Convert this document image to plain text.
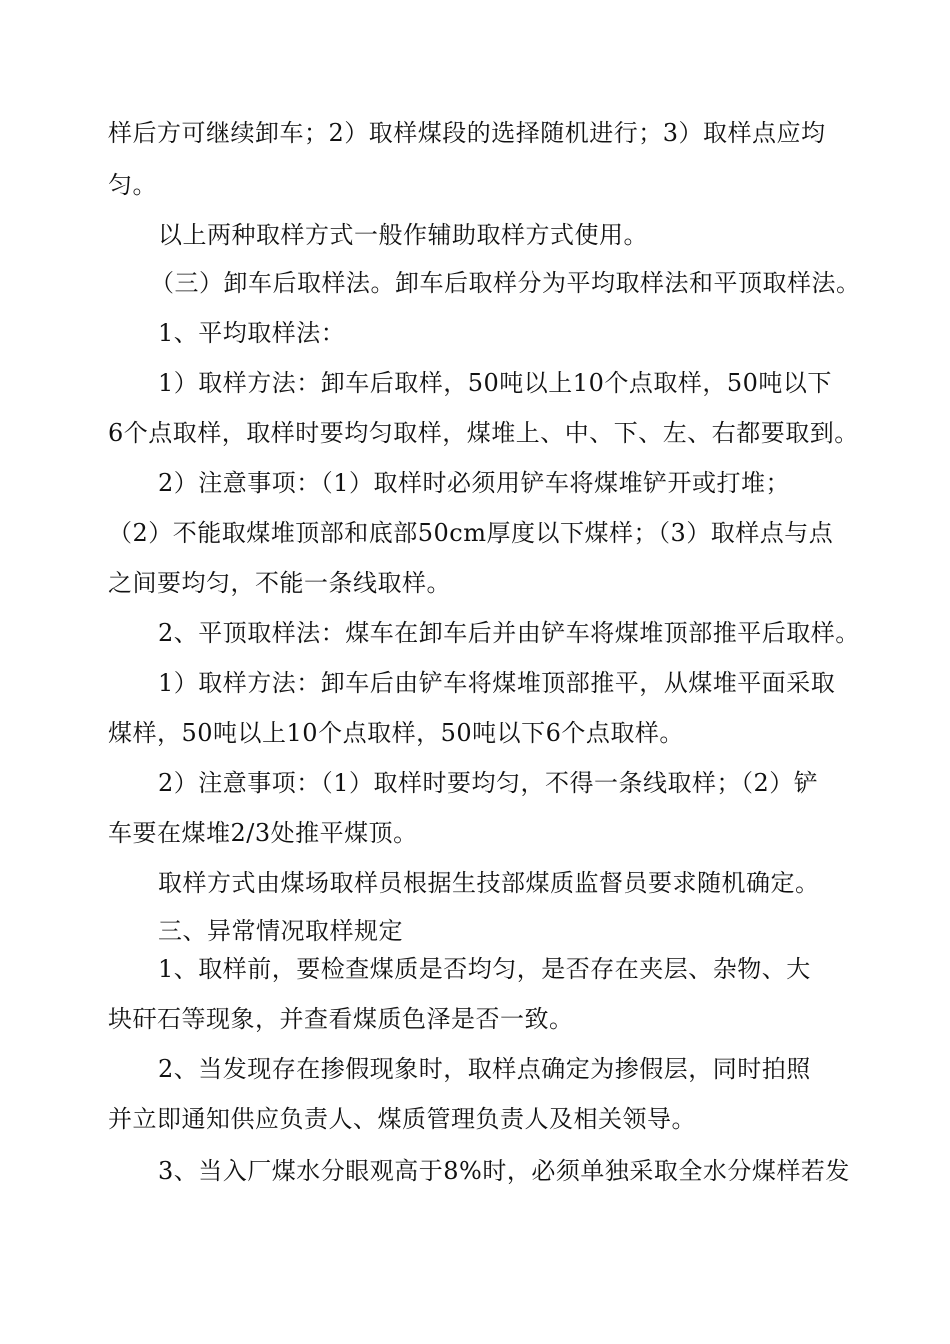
样后方可继续卸车；2）取样煤段的选择随机进行；3）取样点应均
匀。
以上两种取样方式一般作辅助取样方式使用。
（三）卸车后取样法。卸车后取样分为平均取样法和平顶取样法。
1、平均取样法：
1）取样方法：卸车后取样，50吨以上10个点取样，50吨以下
6个点取样，取样时要均匀取样，煤堆上、中、下、左、右都要取到。
2）注意事项：（1）取样时必须用铲车将煤堆铲开或打堆；
（2）不能取煤堆顶部和底部50cm厚度以下煤样；（3）取样点与点
之间要均匀，不能一条线取样。
2、平顶取样法：煤车在卸车后并由铲车将煤堆顶部推平后取样。
1）取样方法：卸车后由铲车将煤堆顶部推平，从煤堆平面采取
煤样，50吨以上10个点取样，50吨以下6个点取样。
2）注意事项：（1）取样时要均匀，不得一条线取样；（2）铲
车要在煤堆2/3处推平煤顶。
取样方式由煤场取样员根据生技部煤质监督员要求随机确定。
三、异常情况取样规定
1、取样前，要检查煤质是否均匀，是否存在夹层、杂物、大
块矸石等现象，并查看煤质色泽是否一致。
2、当发现存在掺假现象时，取样点确定为掺假层，同时拍照
并立即通知供应负责人、煤质管理负责人及相关领导。
3、当入厂煤水分眼观高于8%时，必须单独采取全水分煤样若发
